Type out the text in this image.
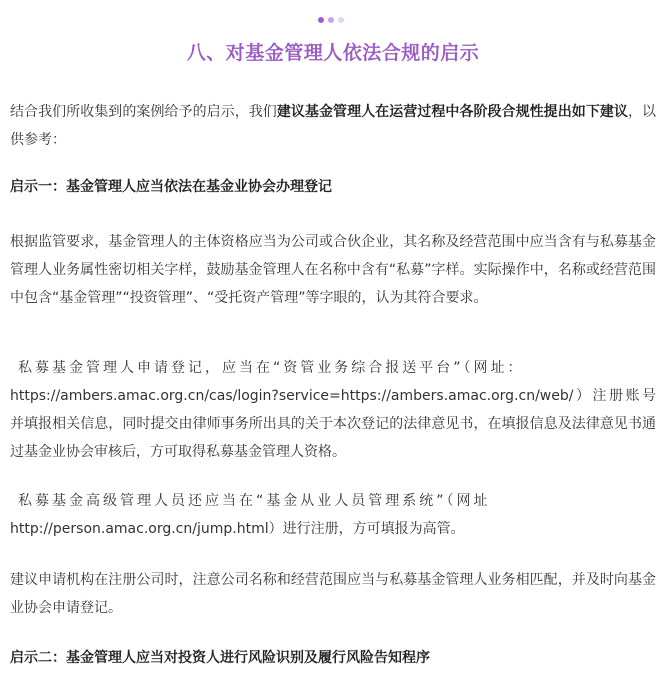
八、对基金管理人依法合规的启示
结合我们所收集到的案例给予的启示，我们建议基金管理人在运营过程中各阶段合规性提出如下建议，以供参考：
启示一：基金管理人应当依法在基金业协会办理登记
根据监管要求，基金管理人的主体资格应当为公司或合伙企业，其名称及经营范围中应当含有与私募基金管理人业务属性密切相关字样，鼓励基金管理人在名称中含有“私募”字样。实际操作中，名称或经营范围中包含“基金管理”“投资管理”、“受托资产管理”等字眼的，认为其符合要求。
私募基金管理人申请登记，应当在“资管业务综合报送平台”（网址：
https://ambers.amac.org.cn/cas/login?service=https://ambers.amac.org.cn/web/）注册账号并填报相关信息，同时提交由律师事务所出具的关于本次登记的法律意见书，在填报信息及法律意见书通过基金业协会审核后，方可取得私募基金管理人资格。
私募基金高级管理人员还应当在“基金从业人员管理系统”（网址
http://person.amac.org.cn/jump.html）进行注册，方可填报为高管。
建议申请机构在注册公司时，注意公司名称和经营范围应当与私募基金管理人业务相匹配，并及时向基金业协会申请登记。
启示二：基金管理人应当对投资人进行风险识别及履行风险告知程序
